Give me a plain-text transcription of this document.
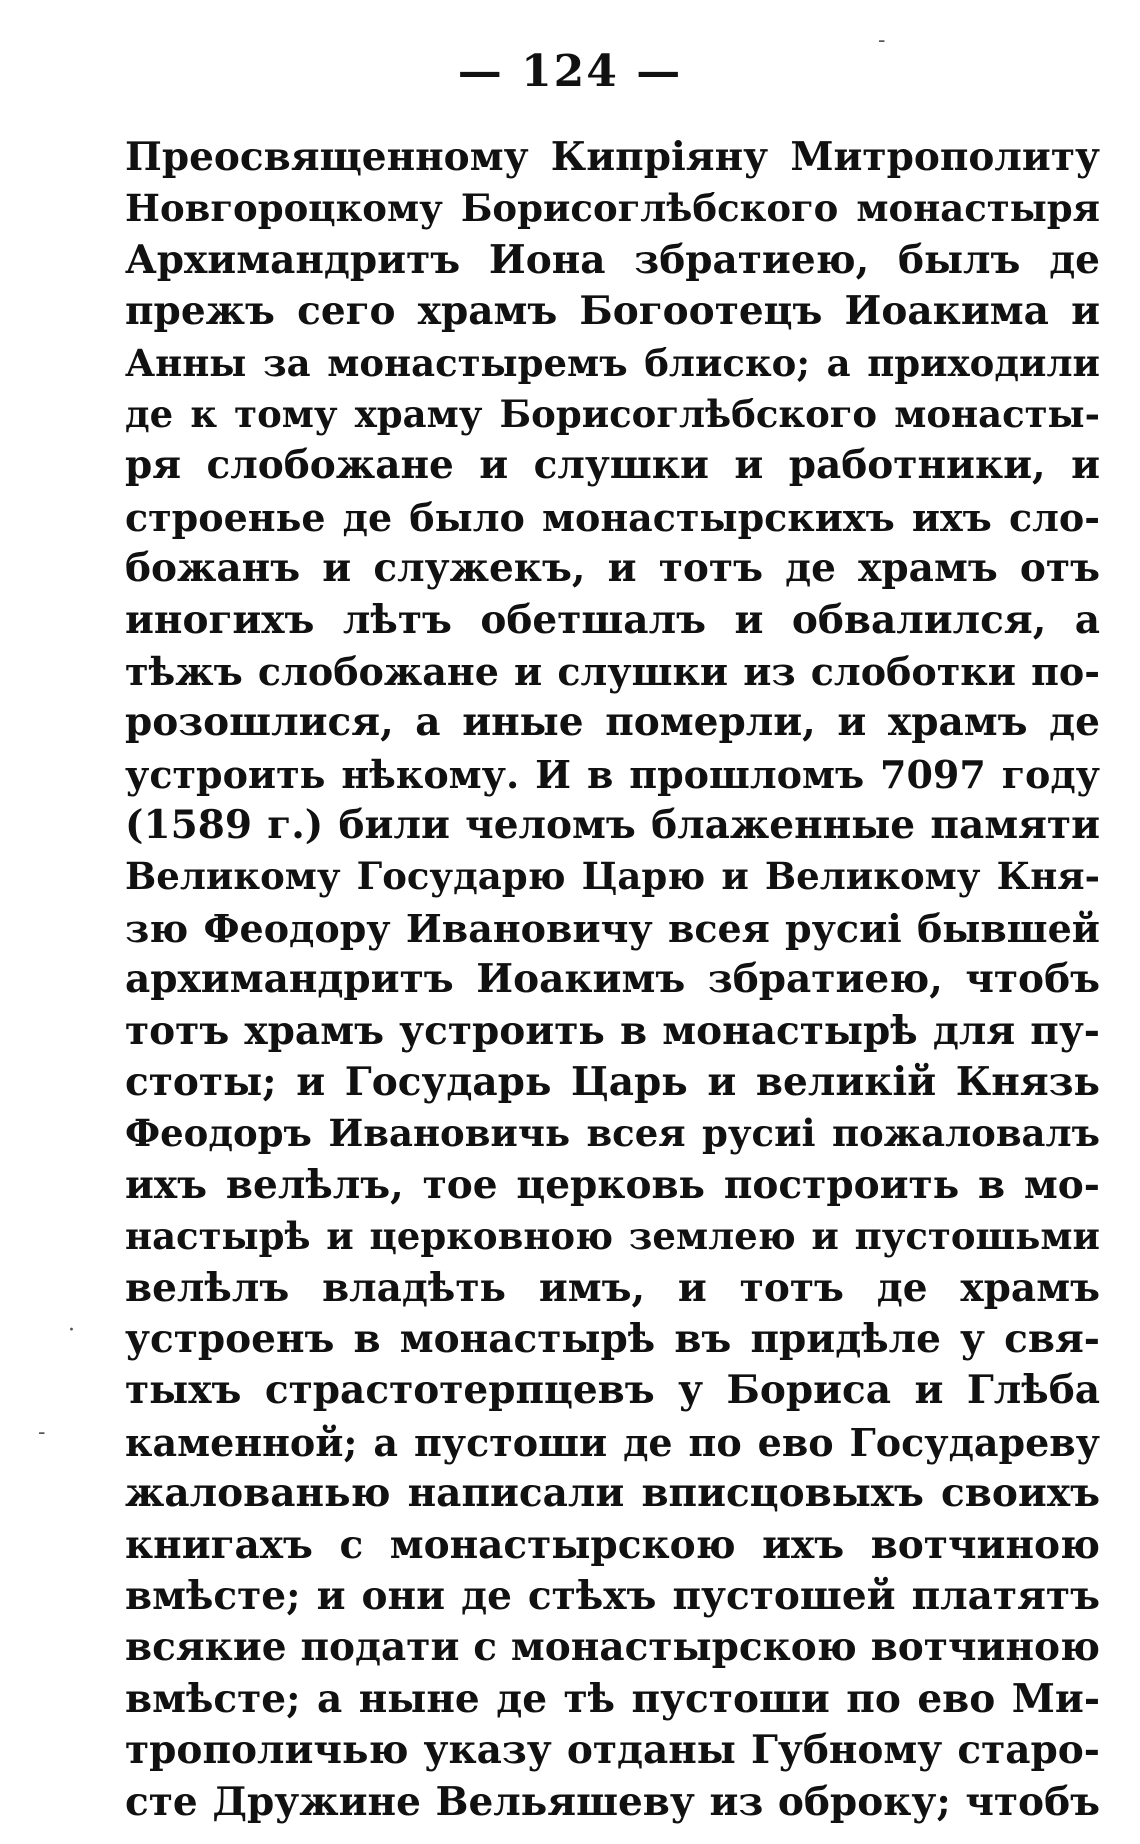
— 124 —
Преосвященному Кипріяну Митрополиту
Новгороцкому Борисоглѣбского монастыря
Архимандритъ Иона збратиею, былъ де
прежъ сего храмъ Богоотецъ Иоакима и
Анны за монастыремъ блиско; а приходили
де к тому храму Борисоглѣбского монасты-
ря слобожане и слушки и работники, и
строенье де было монастырскихъ ихъ сло-
божанъ и служекъ, и тотъ де храмъ отъ
иногихъ лѣтъ обетшалъ и обвалился, а
тѣжъ слобожане и слушки из слоботки по-
розошлися, а иные померли, и храмъ де
устроить нѣкому. И в прошломъ 7097 году
(1589 г.) били челомъ блаженные памяти
Великому Государю Царю и Великому Кня-
зю Феодору Ивановичу всея русиі бывшей
архимандритъ Иоакимъ збратиею, чтобъ
тотъ храмъ устроить в монастырѣ для пу-
стоты; и Государь Царь и великій Князь
Феодоръ Ивановичь всея русиі пожаловалъ
ихъ велѣлъ, тое церковь построить в мо-
настырѣ и церковною землею и пустошьми
велѣлъ владѣть имъ, и тотъ де храмъ
устроенъ в монастырѣ въ придѣле у свя-
тыхъ страстотерпцевъ у Бориса и Глѣба
каменной; а пустоши де по ево Государеву
жалованью написали вписцовыхъ своихъ
книгахъ с монастырскою ихъ вотчиною
вмѣсте; и они де стѣхъ пустошей платятъ
всякие подати с монастырскою вотчиною
вмѣсте; а ныне де тѣ пустоши по ево Ми-
трополичью указу отданы Губному старо-
сте Дружине Вельяшеву из оброку; чтобъ
·
-
-
